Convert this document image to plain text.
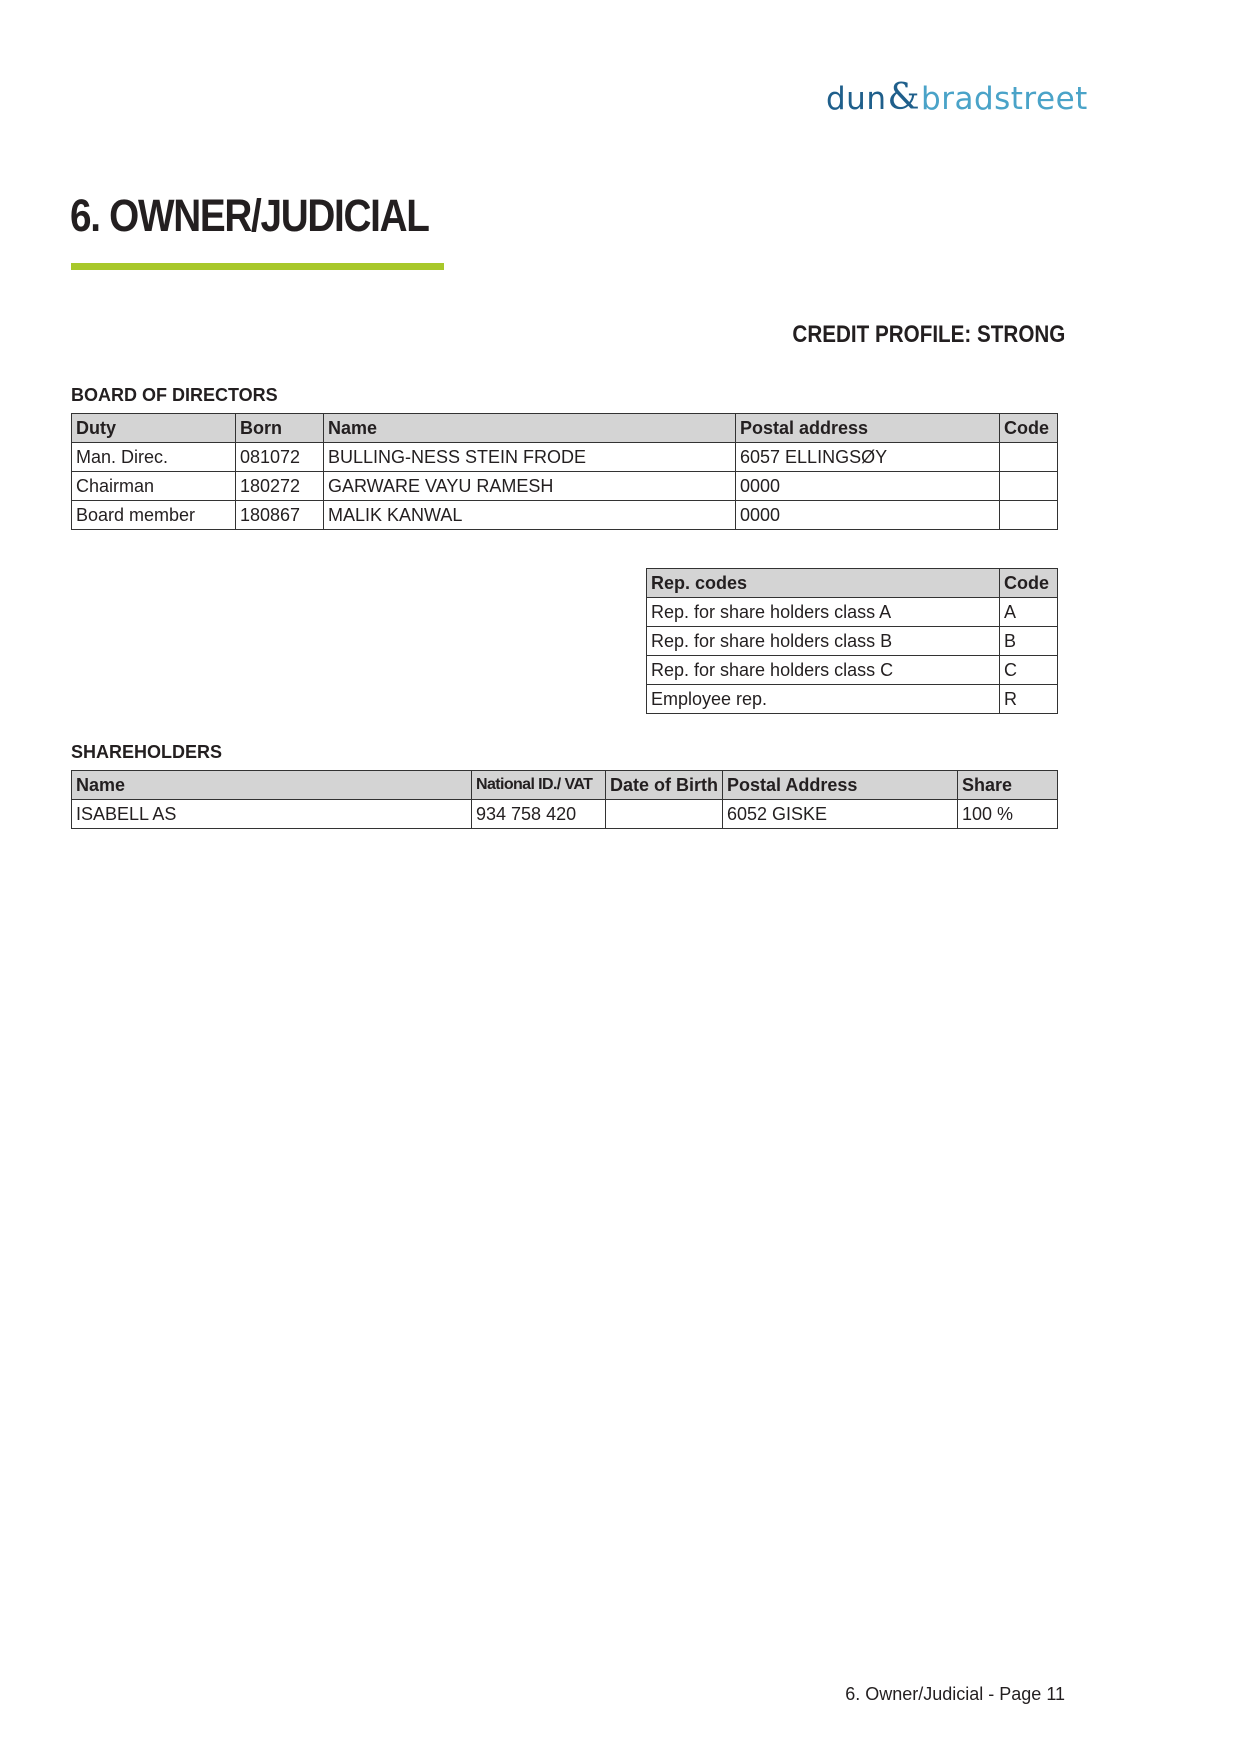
dun&bradstreet
6. OWNER/JUDICIAL
CREDIT PROFILE: STRONG
BOARD OF DIRECTORS
Duty	Born	Name	Postal address	Code
Man. Direc.	081072	BULLING-NESS STEIN FRODE	6057 ELLINGSØY	
Chairman	180272	GARWARE VAYU RAMESH	0000	
Board member	180867	MALIK KANWAL	0000	
Rep. codes	Code
Rep. for share holders class A	A
Rep. for share holders class B	B
Rep. for share holders class C	C
Employee rep.	R
SHAREHOLDERS
Name	National ID./ VAT	Date of Birth	Postal Address	Share
ISABELL AS	934 758 420		6052 GISKE	100 %
6. Owner/Judicial - Page 11
